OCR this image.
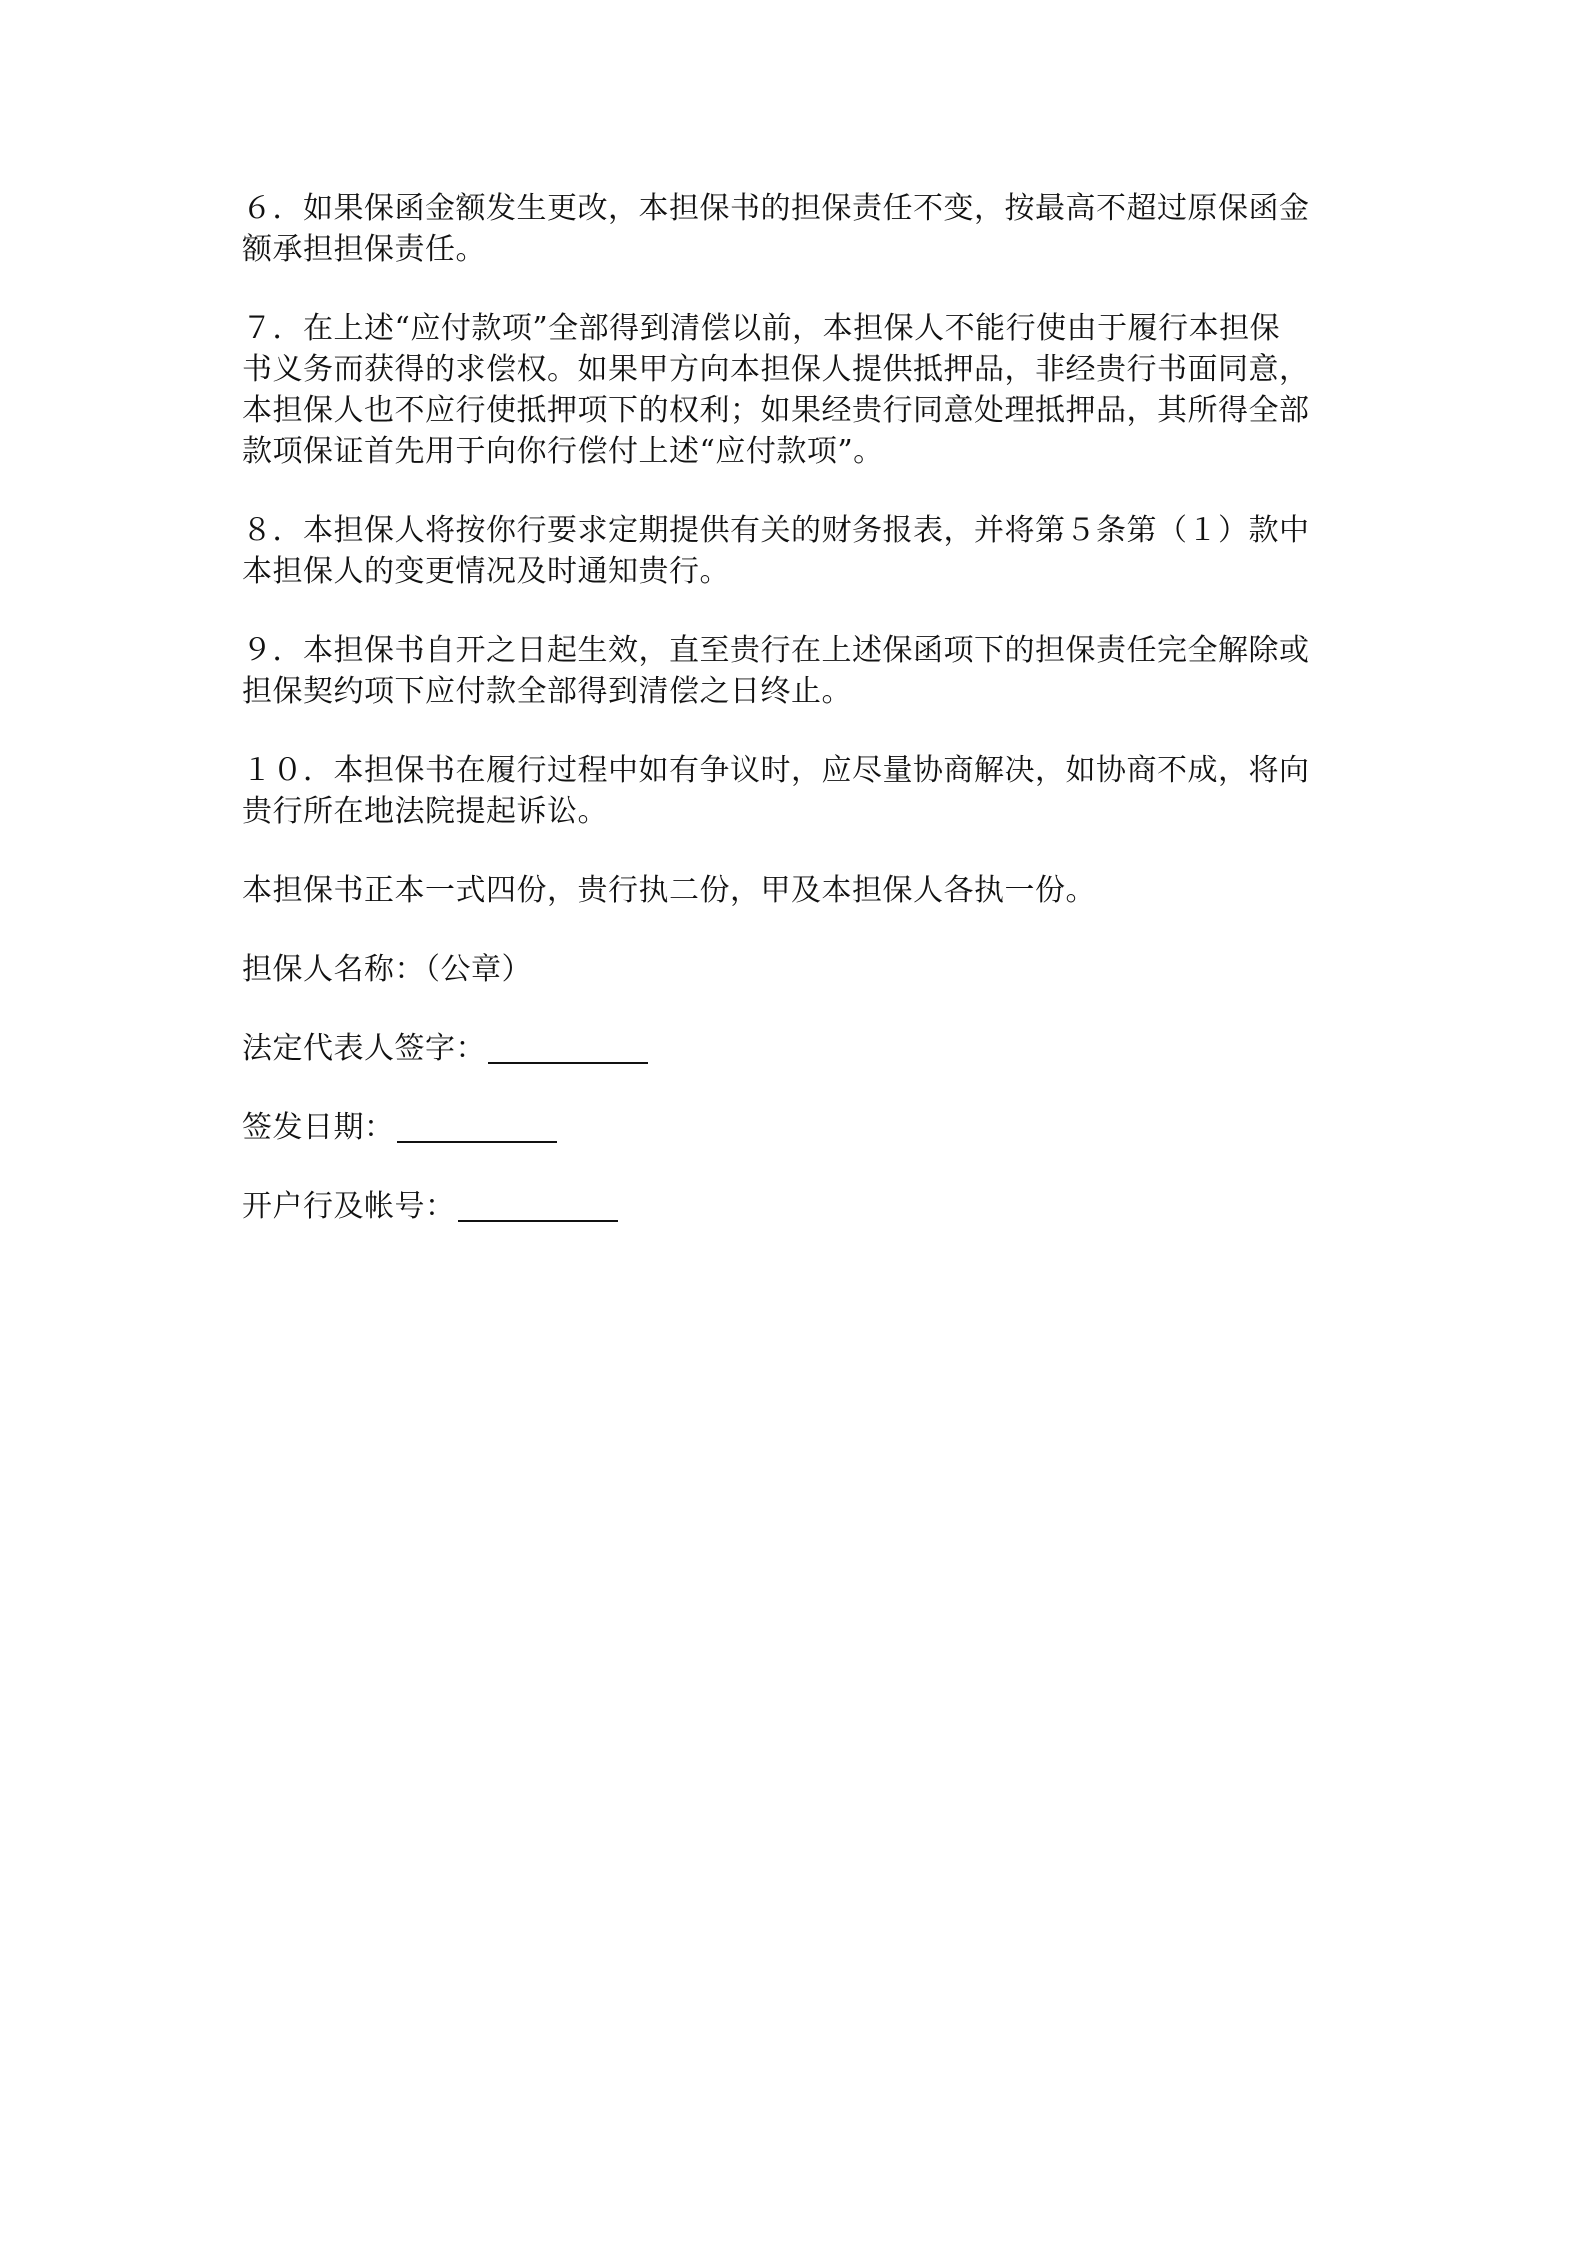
６．如果保函金额发生更改，本担保书的担保责任不变，按最高不超过原保函金
额承担担保责任。

７．在上述“应付款项”全部得到清偿以前，本担保人不能行使由于履行本担保
书义务而获得的求偿权。如果甲方向本担保人提供抵押品，非经贵行书面同意，
本担保人也不应行使抵押项下的权利；如果经贵行同意处理抵押品，其所得全部
款项保证首先用于向你行偿付上述“应付款项”。

８．本担保人将按你行要求定期提供有关的财务报表，并将第５条第（１）款中
本担保人的变更情况及时通知贵行。

９．本担保书自开之日起生效，直至贵行在上述保函项下的担保责任完全解除或
担保契约项下应付款全部得到清偿之日终止。

１０．本担保书在履行过程中如有争议时，应尽量协商解决，如协商不成，将向
贵行所在地法院提起诉讼。

本担保书正本一式四份，贵行执二份，甲及本担保人各执一份。

担保人名称：（公章）
法定代表人签字：
签发日期：
开户行及帐号：
